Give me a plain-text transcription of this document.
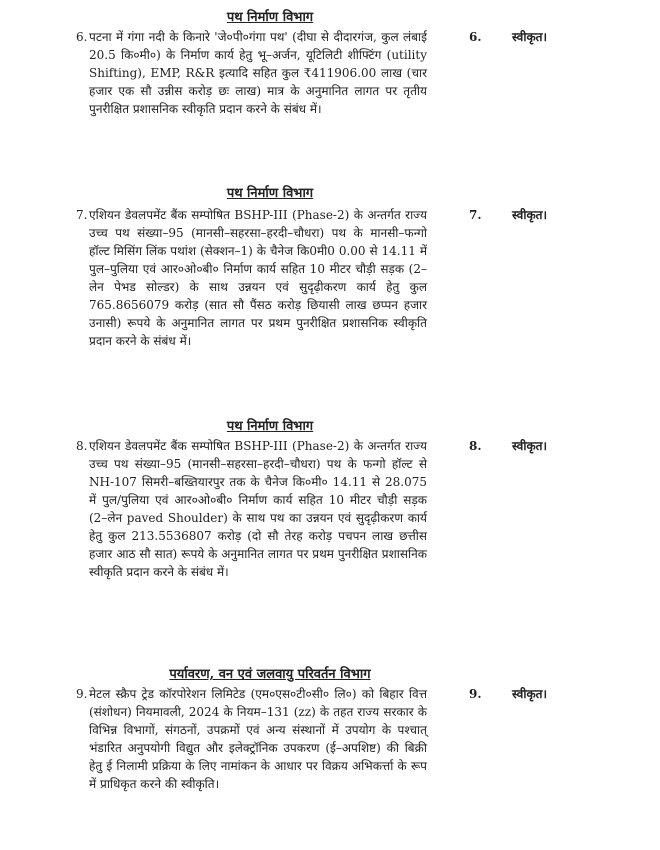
पथ निर्माण विभाग
6. पटना में गंगा नदी के किनारे 'जे०पी०गंगा पथ' (दीघा से दीदारगंज, कुल लंबाई 20.5 कि०मी०) के निर्माण कार्य हेतु भू–अर्जन, यूटिलिटी शीफ्टिंग (utility Shifting), EMP, R&R इत्यादि सहित कुल ₹411906.00 लाख (चार हजार एक सौ उन्नीस करोड़ छः लाख) मात्र के अनुमानित लागत पर तृतीय पुनरीक्षित प्रशासनिक स्वीकृति प्रदान करने के संबंध में।
6.	स्वीकृत।
पथ निर्माण विभाग
7. एशियन डेवलपमेंट बैंक सम्पोषित BSHP-III (Phase-2) के अन्तर्गत राज्य उच्च पथ संख्या–95 (मानसी–सहरसा–हरदी–चौधरा) पथ के मानसी–फन्गो हॉल्ट मिसिंग लिंक पथांश (सेक्शन–1) के चैनेज कि0मी0 0.00 से 14.11 में पुल–पुलिया एवं आर०ओ०बी० निर्माण कार्य सहित 10 मीटर चौड़ी सड़क (2–लेन पेभड सोल्डर) के साथ उन्नयन एवं सुदृढ़ीकरण कार्य हेतु कुल 765.8656079 करोड़ (सात सौ पैंसठ करोड़ छियासी लाख छप्पन हजार उनासी) रूपये के अनुमानित लागत पर प्रथम पुनरीक्षित प्रशासनिक स्वीकृति प्रदान करने के संबंध में।
7.	स्वीकृत।
पथ निर्माण विभाग
8. एशियन डेवलपमेंट बैंक सम्पोषित BSHP-III (Phase-2) के अन्तर्गत राज्य उच्च पथ संख्या–95 (मानसी–सहरसा–हरदी–चौधरा) पथ के फन्गो हॉल्ट से NH-107 सिमरी–बख्तियारपुर तक के चैनेज कि०मी० 14.11 से 28.075 में पुल/पुलिया एवं आर०ओ०बी० निर्माण कार्य सहित 10 मीटर चौड़ी सड़क (2–लेन paved Shoulder) के साथ पथ का उन्नयन एवं सुदृढ़ीकरण कार्य हेतु कुल 213.5536807 करोड़ (दो सौ तेरह करोड़ पचपन लाख छत्तीस हजार आठ सौ सात) रूपये के अनुमानित लागत पर प्रथम पुनरीक्षित प्रशासनिक स्वीकृति प्रदान करने के संबंध में।
8.	स्वीकृत।
पर्यावरण, वन एवं जलवायु परिवर्तन विभाग
9. मेटल स्क्रैप ट्रेड कॉरपोरेशन लिमिटेड (एम०एस०टी०सी० लि०) को बिहार वित्त (संशोधन) नियमावली, 2024 के नियम–131 (zz) के तहत राज्य सरकार के विभिन्न विभागों, संगठनों, उपक्रमों एवं अन्य संस्थानों में उपयोग के पश्चात् भंडारित अनुपयोगी विद्युत और इलेक्ट्रॉनिक उपकरण (ई–अपशिष्ट) की बिक्री हेतु ई निलामी प्रक्रिया के लिए नामांकन के आधार पर विक्रय अभिकर्त्ता के रूप में प्राधिकृत करने की स्वीकृति।
9.	स्वीकृत।
